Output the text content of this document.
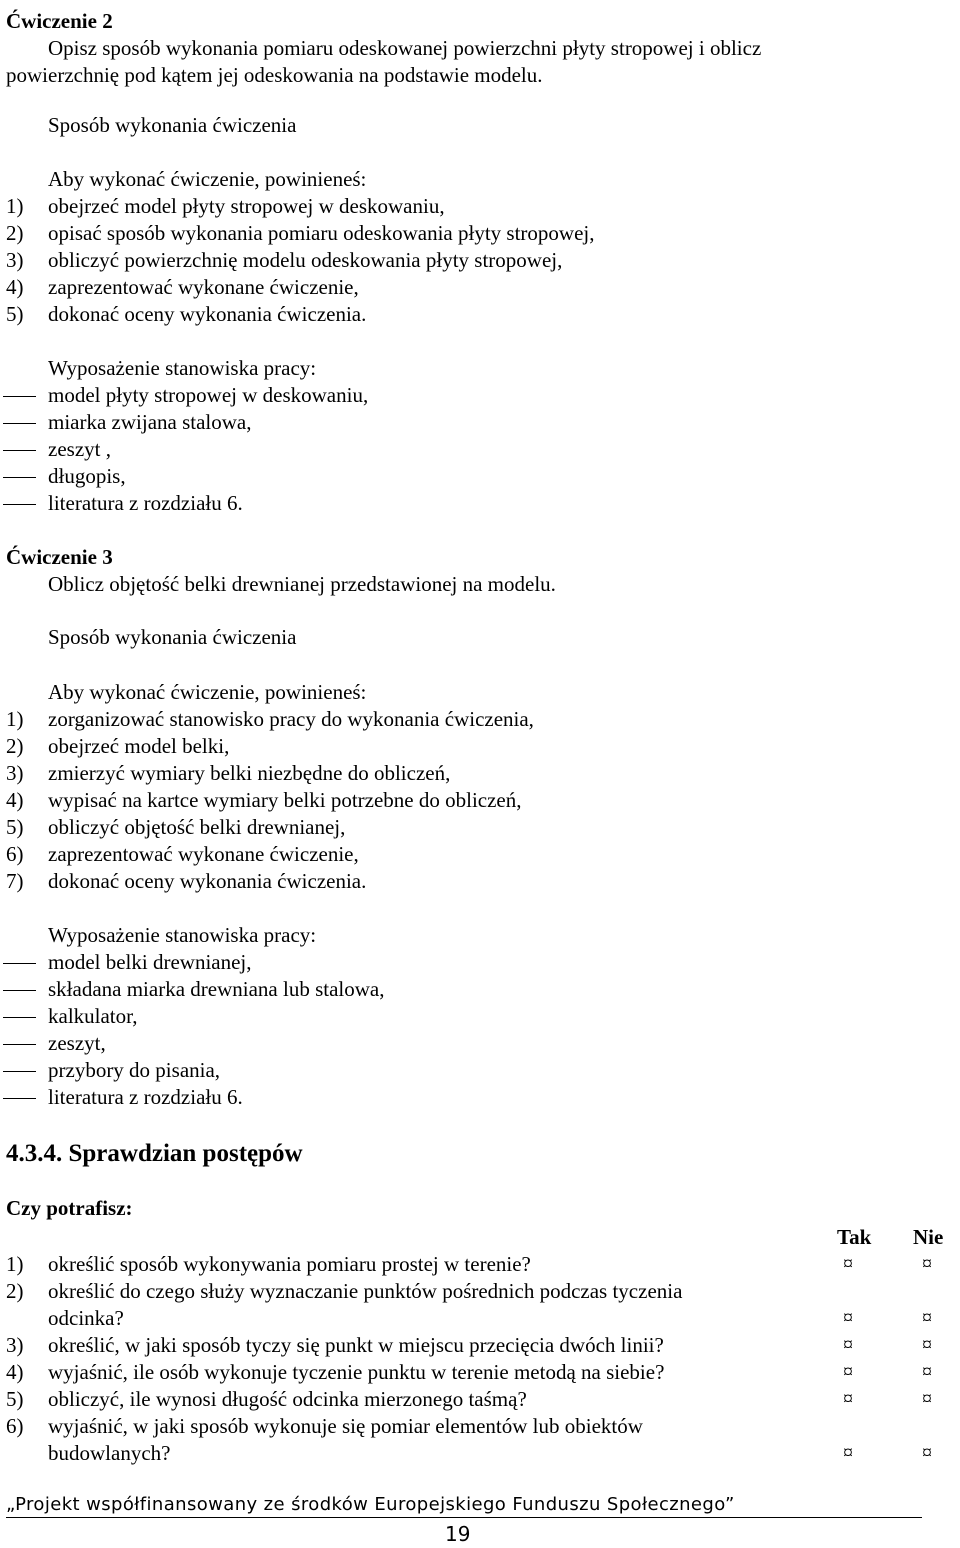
Ćwiczenie 2
Opisz sposób wykonania pomiaru odeskowanej powierzchni płyty stropowej i oblicz
powierzchnię pod kątem jej odeskowania na podstawie modelu.
Sposób wykonania ćwiczenia
Aby wykonać ćwiczenie, powinieneś:
1) obejrzeć model płyty stropowej w deskowaniu,
2) opisać sposób wykonania pomiaru odeskowania płyty stropowej,
3) obliczyć powierzchnię modelu odeskowania płyty stropowej,
4) zaprezentować wykonane ćwiczenie,
5) dokonać oceny wykonania ćwiczenia.
Wyposażenie stanowiska pracy:
model płyty stropowej w deskowaniu,
miarka zwijana stalowa,
zeszyt ,
długopis,
literatura z rozdziału 6.
Ćwiczenie 3
Oblicz objętość belki drewnianej przedstawionej na modelu.
Sposób wykonania ćwiczenia
Aby wykonać ćwiczenie, powinieneś:
1) zorganizować stanowisko pracy do wykonania ćwiczenia,
2) obejrzeć model belki,
3) zmierzyć wymiary belki niezbędne do obliczeń,
4) wypisać na kartce wymiary belki potrzebne do obliczeń,
5) obliczyć objętość belki drewnianej,
6) zaprezentować wykonane ćwiczenie,
7) dokonać oceny wykonania ćwiczenia.
Wyposażenie stanowiska pracy:
model belki drewnianej,
składana miarka drewniana lub stalowa,
kalkulator,
zeszyt,
przybory do pisania,
literatura z rozdziału 6.
4.3.4. Sprawdzian postępów
Czy potrafisz:
Tak Nie
1) określić sposób wykonywania pomiaru prostej w terenie?	¤	¤
2) określić do czego służy wyznaczanie punktów pośrednich podczas tyczenia
odcinka?	¤	¤
3) określić, w jaki sposób tyczy się punkt w miejscu przecięcia dwóch linii?	¤	¤
4) wyjaśnić, ile osób wykonuje tyczenie punktu w terenie metodą na siebie?	¤	¤
5) obliczyć, ile wynosi długość odcinka mierzonego taśmą?	¤	¤
6) wyjaśnić, w jaki sposób wykonuje się pomiar elementów lub obiektów
budowlanych?	¤	¤
„Projekt współfinansowany ze środków Europejskiego Funduszu Społecznego”
19
